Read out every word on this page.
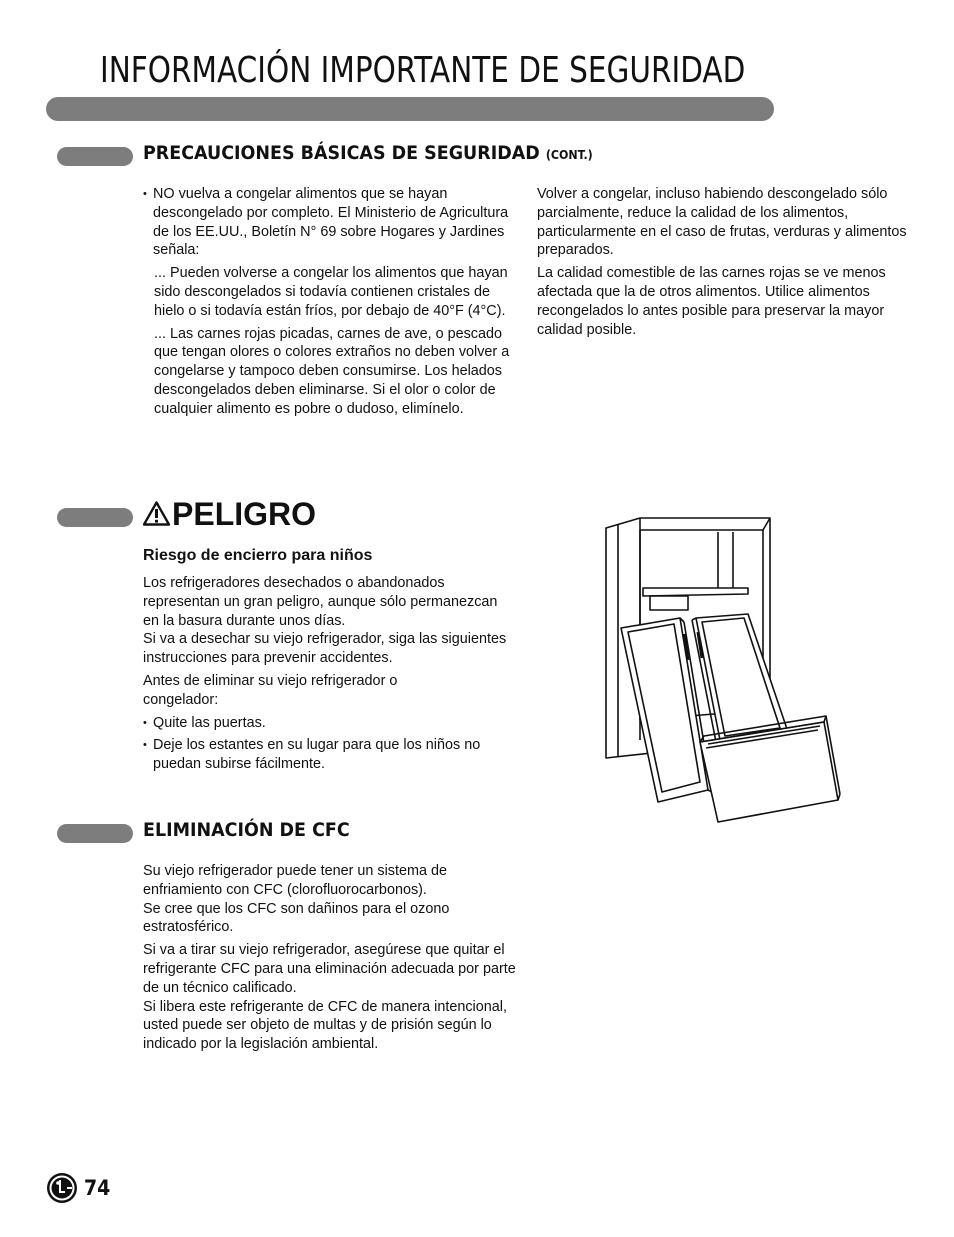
INFORMACIÓN IMPORTANTE DE SEGURIDAD
PRECAUCIONES BÁSICAS DE SEGURIDAD (CONT.)

• NO vuelva a congelar alimentos que se hayan descongelado por completo. El Ministerio de Agricultura de los EE.UU., Boletín N° 69 sobre Hogares y Jardines señala:

... Pueden volverse a congelar los alimentos que hayan sido descongelados si todavía contienen cristales de hielo o si todavía están fríos, por debajo de 40°F (4°C).

... Las carnes rojas picadas, carnes de ave, o pescado que tengan olores o colores extraños no deben volver a congelarse y tampoco deben consumirse. Los helados descongelados deben eliminarse. Si el olor o color de cualquier alimento es pobre o dudoso, elimínelo.

Volver a congelar, incluso habiendo descongelado sólo parcialmente, reduce la calidad de los alimentos, particularmente en el caso de frutas, verduras y alimentos preparados.

La calidad comestible de las carnes rojas se ve menos afectada que la de otros alimentos. Utilice alimentos recongelados lo antes posible para preservar la mayor calidad posible.

PELIGRO
Riesgo de encierro para niños

Los refrigeradores desechados o abandonados representan un gran peligro, aunque sólo permanezcan en la basura durante unos días.
Si va a desechar su viejo refrigerador, siga las siguientes instrucciones para prevenir accidentes.

Antes de eliminar su viejo refrigerador o congelador:

• Quite las puertas.

• Deje los estantes en su lugar para que los niños no puedan subirse fácilmente.

ELIMINACIÓN DE CFC

Su viejo refrigerador puede tener un sistema de enfriamiento con CFC (clorofluorocarbonos).
Se cree que los CFC son dañinos para el ozono estratosférico.

Si va a tirar su viejo refrigerador, asegúrese que quitar el refrigerante CFC para una eliminación adecuada por parte de un técnico calificado.
Si libera este refrigerante de CFC de manera intencional, usted puede ser objeto de multas y de prisión según lo indicado por la legislación ambiental.

74
